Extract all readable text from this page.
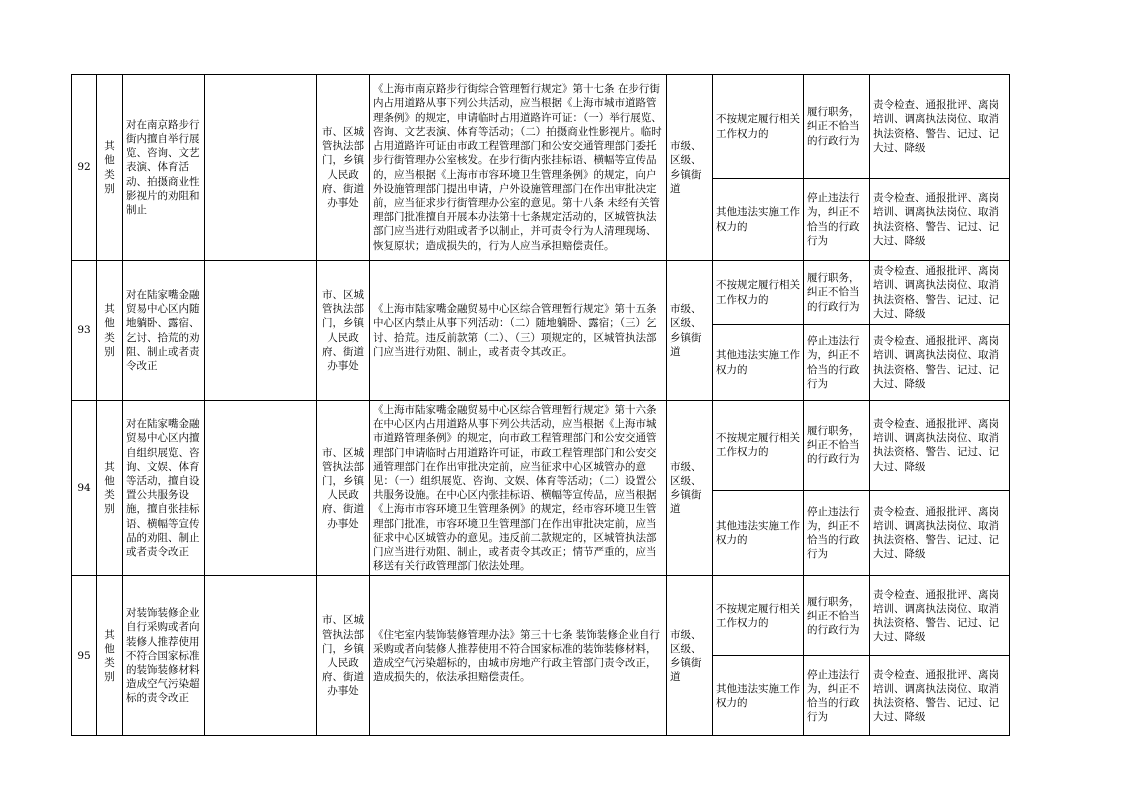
92	其他类别	对在南京路步行街内擅自举行展览、咨询、文艺表演、体育活动、拍摄商业性影视片的劝阻和制止		市、区城管执法部门，乡镇人民政府、街道办事处	《上海市南京路步行街综合管理暂行规定》第十七条 在步行街内占用道路从事下列公共活动，应当根据《上海市城市道路管理条例》的规定，申请临时占用道路许可证：（一）举行展览、咨询、文艺表演、体育等活动；（二）拍摄商业性影视片。临时占用道路许可证由市政工程管理部门和公安交通管理部门委托步行街管理办公室核发。在步行街内张挂标语、横幅等宣传品的，应当根据《上海市市容环境卫生管理条例》的规定，向户外设施管理部门提出申请，户外设施管理部门在作出审批决定前，应当征求步行街管理办公室的意见。第十八条 未经有关管理部门批准擅自开展本办法第十七条规定活动的，区城管执法部门应当进行劝阻或者予以制止，并可责令行为人清理现场、恢复原状；造成损失的，行为人应当承担赔偿责任。	市级、区级、乡镇街道	不按规定履行相关工作权力的	履行职务，纠正不恰当的行政行为	责令检查、通报批评、离岗培训、调离执法岗位、取消执法资格、警告、记过、记大过、降级
							其他违法实施工作权力的	停止违法行为，纠正不恰当的行政行为	责令检查、通报批评、离岗培训、调离执法岗位、取消执法资格、警告、记过、记大过、降级
93	其他类别	对在陆家嘴金融贸易中心区内随地躺卧、露宿、乞讨、拾荒的劝阻、制止或者责令改正		市、区城管执法部门，乡镇人民政府、街道办事处	《上海市陆家嘴金融贸易中心区综合管理暂行规定》第十五条 中心区内禁止从事下列活动：（二）随地躺卧、露宿；（三）乞讨、拾荒。违反前款第（二）、（三）项规定的，区城管执法部门应当进行劝阻、制止，或者责令其改正。	市级、区级、乡镇街道	不按规定履行相关工作权力的	履行职务，纠正不恰当的行政行为	责令检查、通报批评、离岗培训、调离执法岗位、取消执法资格、警告、记过、记大过、降级
							其他违法实施工作权力的	停止违法行为，纠正不恰当的行政行为	责令检查、通报批评、离岗培训、调离执法岗位、取消执法资格、警告、记过、记大过、降级
94	其他类别	对在陆家嘴金融贸易中心区内擅自组织展览、咨询、文娱、体育等活动，擅自设置公共服务设施，擅自张挂标语、横幅等宣传品的劝阻、制止或者责令改正		市、区城管执法部门，乡镇人民政府、街道办事处	《上海市陆家嘴金融贸易中心区综合管理暂行规定》第十六条 在中心区内占用道路从事下列公共活动，应当根据《上海市城市道路管理条例》的规定，向市政工程管理部门和公安交通管理部门申请临时占用道路许可证，市政工程管理部门和公安交通管理部门在作出审批决定前，应当征求中心区城管办的意见：（一）组织展览、咨询、文娱、体育等活动；（二）设置公共服务设施。在中心区内张挂标语、横幅等宣传品，应当根据《上海市市容环境卫生管理条例》的规定，经市容环境卫生管理部门批准，市容环境卫生管理部门在作出审批决定前，应当征求中心区城管办的意见。违反前二款规定的，区城管执法部门应当进行劝阻、制止，或者责令其改正；情节严重的，应当移送有关行政管理部门依法处理。	市级、区级、乡镇街道	不按规定履行相关工作权力的	履行职务，纠正不恰当的行政行为	责令检查、通报批评、离岗培训、调离执法岗位、取消执法资格、警告、记过、记大过、降级
							其他违法实施工作权力的	停止违法行为，纠正不恰当的行政行为	责令检查、通报批评、离岗培训、调离执法岗位、取消执法资格、警告、记过、记大过、降级
95	其他类别	对装饰装修企业自行采购或者向装修人推荐使用不符合国家标准的装饰装修材料造成空气污染超标的责令改正		市、区城管执法部门，乡镇人民政府、街道办事处	《住宅室内装饰装修管理办法》第三十七条 装饰装修企业自行采购或者向装修人推荐使用不符合国家标准的装饰装修材料，造成空气污染超标的，由城市房地产行政主管部门责令改正，造成损失的，依法承担赔偿责任。	市级、区级、乡镇街道	不按规定履行相关工作权力的	履行职务，纠正不恰当的行政行为	责令检查、通报批评、离岗培训、调离执法岗位、取消执法资格、警告、记过、记大过、降级
							其他违法实施工作权力的	停止违法行为，纠正不恰当的行政行为	责令检查、通报批评、离岗培训、调离执法岗位、取消执法资格、警告、记过、记大过、降级
